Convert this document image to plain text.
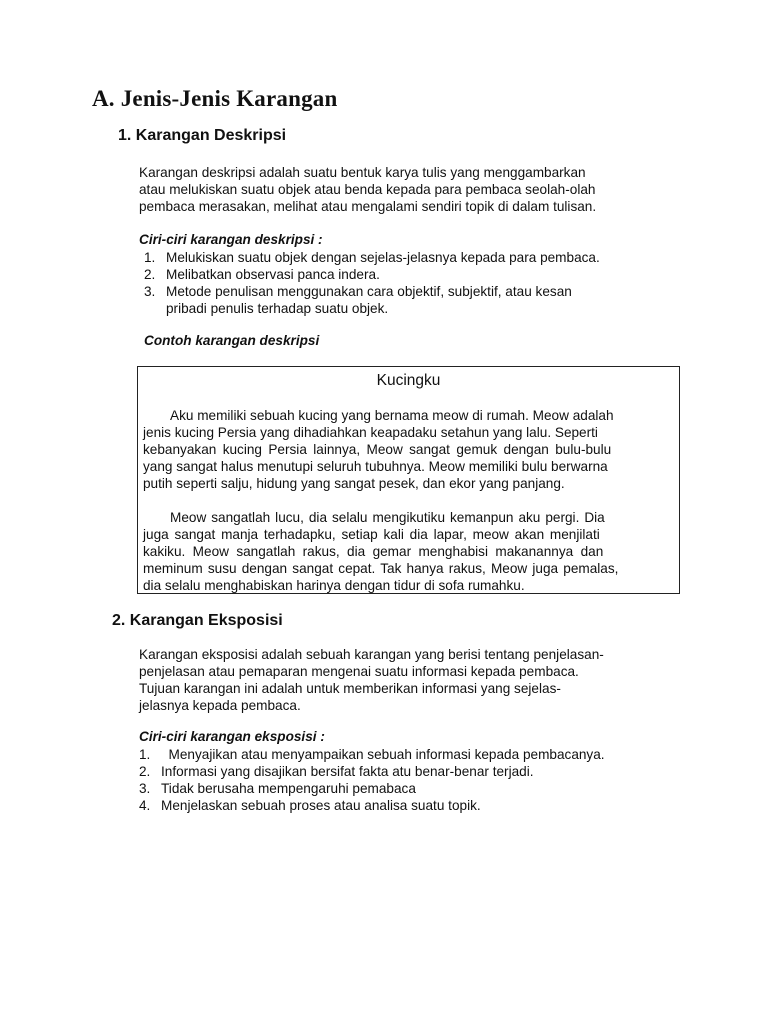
A. Jenis-Jenis Karangan
1. Karangan Deskripsi
Karangan deskripsi adalah suatu bentuk karya tulis yang menggambarkan
atau melukiskan suatu objek atau benda kepada para pembaca seolah-olah
pembaca merasakan, melihat atau mengalami sendiri topik di dalam tulisan.
Ciri-ciri karangan deskripsi :
1. Melukiskan suatu objek dengan sejelas-jelasnya kepada para pembaca.
2. Melibatkan observasi panca indera.
3. Metode penulisan menggunakan cara objektif, subjektif, atau kesan
pribadi penulis terhadap suatu objek.
Contoh karangan deskripsi
Kucingku
Aku memiliki sebuah kucing yang bernama meow di rumah. Meow adalah
jenis kucing Persia yang dihadiahkan keapadaku setahun yang lalu. Seperti
kebanyakan kucing Persia lainnya, Meow sangat gemuk dengan bulu-bulu
yang sangat halus menutupi seluruh tubuhnya. Meow memiliki bulu berwarna
putih seperti salju, hidung yang sangat pesek, dan ekor yang panjang.
Meow sangatlah lucu, dia selalu mengikutiku kemanpun aku pergi. Dia
juga sangat manja terhadapku, setiap kali dia lapar, meow akan menjilati
kakiku. Meow sangatlah rakus, dia gemar menghabisi makanannya dan
meminum susu dengan sangat cepat. Tak hanya rakus, Meow juga pemalas,
dia selalu menghabiskan harinya dengan tidur di sofa rumahku.
2. Karangan Eksposisi
Karangan eksposisi adalah sebuah karangan yang berisi tentang penjelasan-
penjelasan atau pemaparan mengenai suatu informasi kepada pembaca.
Tujuan karangan ini adalah untuk memberikan informasi yang sejelas-
jelasnya kepada pembaca.
Ciri-ciri karangan eksposisi :
1. Menyajikan atau menyampaikan sebuah informasi kepada pembacanya.
2. Informasi yang disajikan bersifat fakta atu benar-benar terjadi.
3. Tidak berusaha mempengaruhi pemabaca
4. Menjelaskan sebuah proses atau analisa suatu topik.
